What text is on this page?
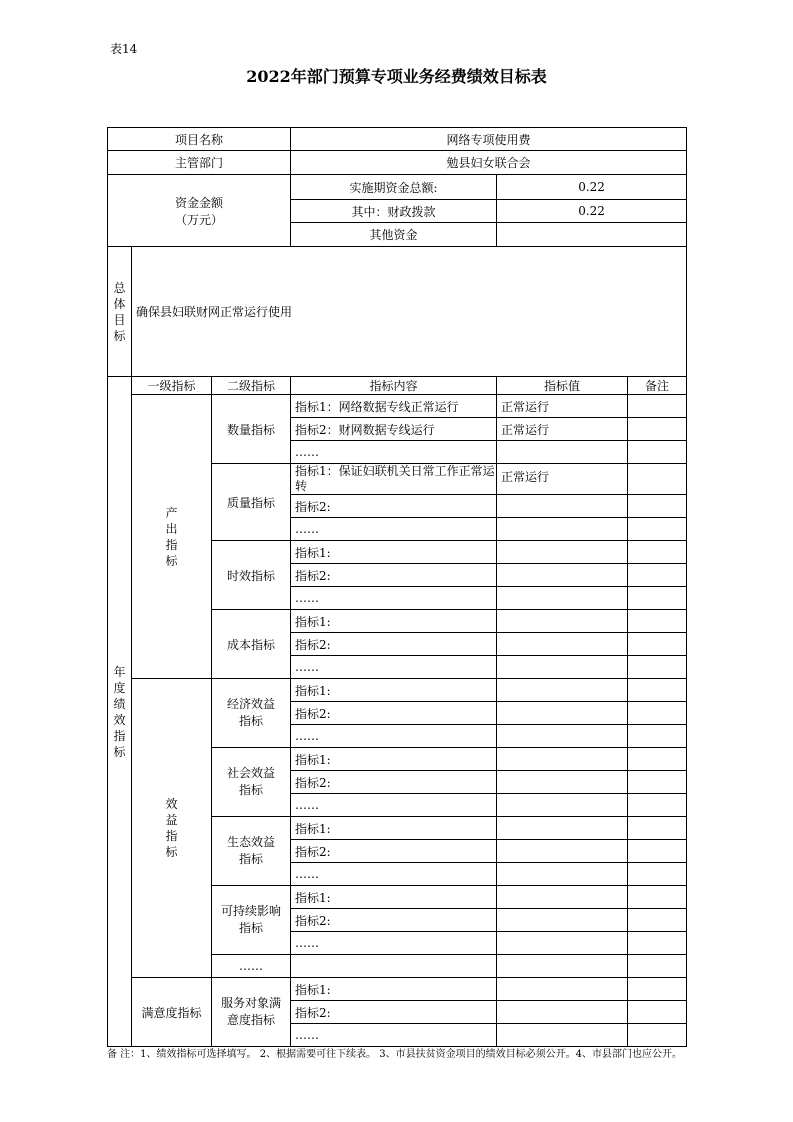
表14
2022年部门预算专项业务经费绩效目标表
项目名称			网络专项使用费		
主管部门			勉县妇女联合会		

资金金额
（万元）			实施期资金总额:	0.22	
			其中：财政拨款	0.22	
			其他资金		
总体目标	确保县妇联财网正常运行使用				
年度绩效指标	一级指标	二级指标	指标内容	指标值	备注
	产出指标	数量指标	指标1：网络数据专线正常运行	正常运行	
			指标2：财网数据专线运行	正常运行	
			……		
		质量指标	指标1：保证妇联机关日常工作正常运转	正常运行	
			指标2:		
			……		
		时效指标	指标1:		
			指标2:		
			……		
		成本指标	指标1:		
			指标2:		
			……		
	效益指标	经济效益指标	指标1:		
			指标2:		
			……		
		社会效益指标	指标1:		
			指标2:		
			……		
		生态效益指标	指标1:		
			指标2:		
			……		
		可持续影响指标	指标1:		
			指标2:		
			……		
		……			
	满意度指标	服务对象满意度指标	指标1:		
			指标2:		
			……		
备 注：1、绩效指标可选择填写。 2、根据需要可往下续表。 3、市县扶贫资金项目的绩效目标必须公开。4、市县部门也应公开。
